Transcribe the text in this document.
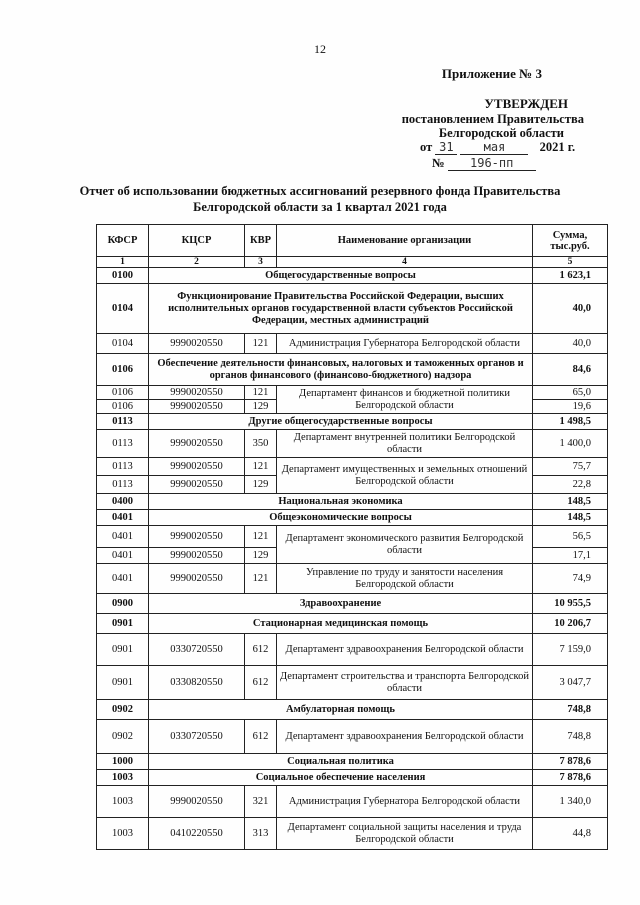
12
Приложение № 3
УТВЕРЖДЕН
постановлением Правительства
Белгородской области
от 31	мая	2021 г.
№ 196-пп
Отчет об использовании бюджетных ассигнований резервного фонда Правительства
Белгородской области за 1 квартал 2021 года
КФСР	КЦСР	КВР	Наименование организации	Сумма, тыс.руб.
1	2	3	4	5
0100	Общегосударственные вопросы			1 623,1
0104	Функционирование Правительства Российской Федерации, высших исполнительных органов государственной власти субъектов Российской Федерации, местных администраций			40,0
0104	9990020550	121	Администрация Губернатора Белгородской области	40,0
0106	Обеспечение деятельности финансовых, налоговых и таможенных органов и органов финансового (финансово-бюджетного) надзора			84,6
0106	9990020550	121	Департамент финансов и бюджетной политики Белгородской области	65,0
0106	9990020550	129		19,6
0113	Другие общегосударственные вопросы			1 498,5
0113	9990020550	350	Департамент внутренней политики Белгородской области	1 400,0
0113	9990020550	121	Департамент имущественных и земельных отношений Белгородской области	75,7
0113	9990020550	129		22,8
0400	Национальная экономика			148,5
0401	Общеэкономические вопросы			148,5
0401	9990020550	121	Департамент экономического развития Белгородской области	56,5
0401	9990020550	129		17,1
0401	9990020550	121	Управление по труду и занятости населения Белгородской области	74,9
0900	Здравоохранение			10 955,5
0901	Стационарная медицинская помощь			10 206,7
0901	0330720550	612	Департамент здравоохранения Белгородской области	7 159,0
0901	0330820550	612	Департамент строительства и транспорта Белгородской области	3 047,7
0902	Амбулаторная помощь			748,8
0902	0330720550	612	Департамент здравоохранения Белгородской области	748,8
1000	Социальная политика			7 878,6
1003	Социальное обеспечение населения			7 878,6
1003	9990020550	321	Администрация Губернатора Белгородской области	1 340,0
1003	0410220550	313	Департамент социальной защиты населения и труда Белгородской области	44,8
